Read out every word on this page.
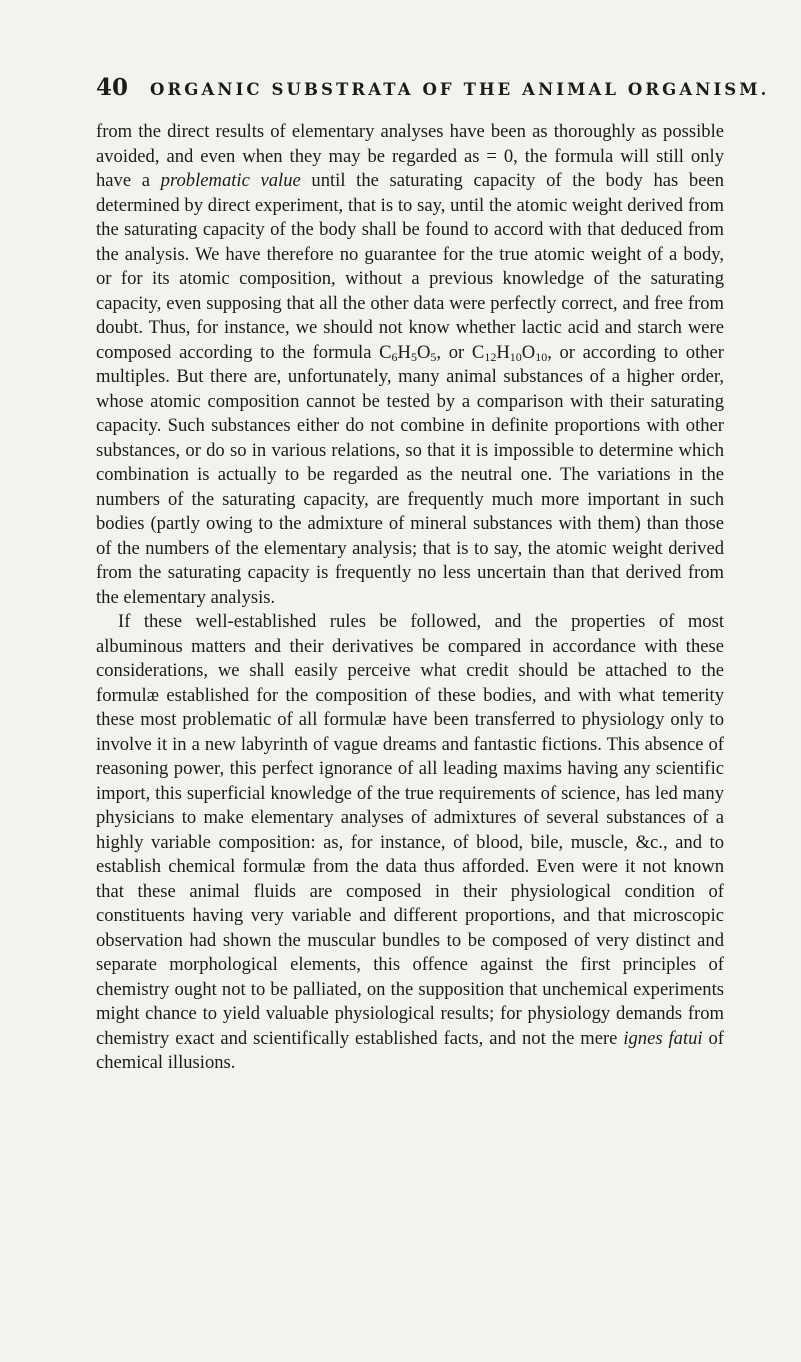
40 ORGANIC SUBSTRATA OF THE ANIMAL ORGANISM.

from the direct results of elementary analyses have been as thoroughly as possible avoided, and even when they may be regarded as = 0, the formula will still only have a problematic value until the saturating capacity of the body has been determined by direct experiment, that is to say, until the atomic weight derived from the saturating capacity of the body shall be found to accord with that deduced from the analysis. We have therefore no guarantee for the true atomic weight of a body, or for its atomic composition, without a previous knowledge of the saturating capacity, even supposing that all the other data were perfectly correct, and free from doubt. Thus, for instance, we should not know whether lactic acid and starch were composed according to the formula $C_6H_5O_5$, or $C_{12}H_{10}O_{10}$, or according to other multiples. But there are, unfortunately, many animal substances of a higher order, whose atomic composition cannot be tested by a comparison with their saturating capacity. Such substances either do not combine in definite proportions with other substances, or do so in various relations, so that it is impossible to determine which combination is actually to be regarded as the neutral one. The variations in the numbers of the saturating capacity, are frequently much more important in such bodies (partly owing to the admixture of mineral substances with them) than those of the numbers of the elementary analysis; that is to say, the atomic weight derived from the saturating capacity is frequently no less uncertain than that derived from the elementary analysis.

If these well-established rules be followed, and the properties of most albuminous matters and their derivatives be compared in accordance with these considerations, we shall easily perceive what credit should be attached to the formulæ established for the composition of these bodies, and with what temerity these most problematic of all formulæ have been transferred to physiology only to involve it in a new labyrinth of vague dreams and fantastic fictions. This absence of reasoning power, this perfect ignorance of all leading maxims having any scientific import, this superficial knowledge of the true requirements of science, has led many physicians to make elementary analyses of admixtures of several substances of a highly variable composition: as, for instance, of blood, bile, muscle, &c., and to establish chemical formulæ from the data thus afforded. Even were it not known that these animal fluids are composed in their physiological condition of constituents having very variable and different proportions, and that microscopic observation had shown the muscular bundles to be composed of very distinct and separate morphological elements, this offence against the first principles of chemistry ought not to be palliated, on the supposition that unchemical experiments might chance to yield valuable physiological results; for physiology demands from chemistry exact and scientifically established facts, and not the mere ignes fatui of chemical illusions.
